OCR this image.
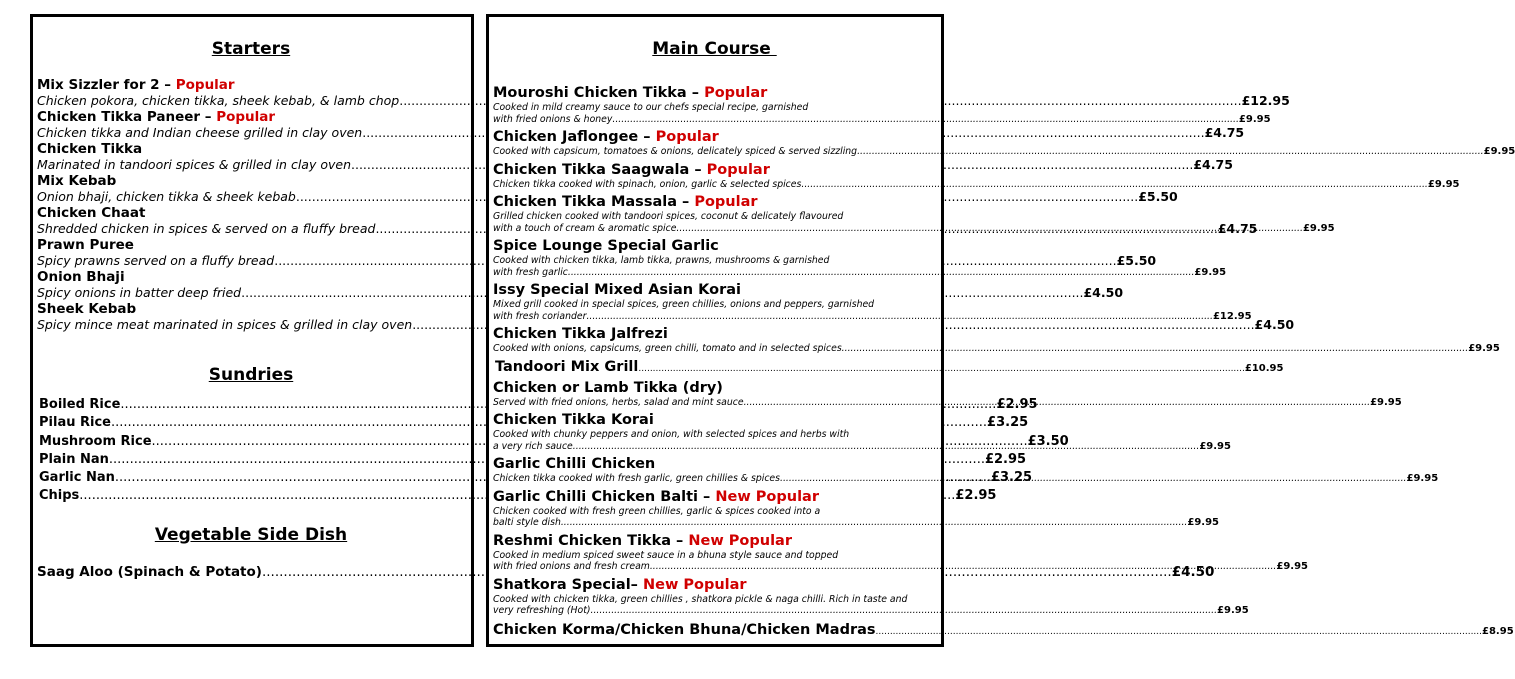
Starters
Mix Sizzler for 2 – Popular
Chicken pokora, chicken tikka, sheek kebab, & lamb chop .....	£12.95
Chicken Tikka Paneer – Popular
Chicken tikka and Indian cheese grilled in clay oven .....	£4.75
Chicken Tikka
Marinated in tandoori spices & grilled in clay oven .....	£4.75
Mix Kebab
Onion bhaji, chicken tikka & sheek kebab .....	£5.50
Chicken Chaat
Shredded chicken in spices & served on a fluffy bread .....	£4.75
Prawn Puree
Spicy prawns served on a fluffy bread .....	£5.50
Onion Bhaji
Spicy onions in batter deep fried .....	£4.50
Sheek Kebab
Spicy mince meat marinated in spices & grilled in clay oven .....	£4.50
Sundries
Boiled Rice .....	£2.95
Pilau Rice .....	£3.25
Mushroom Rice .....	£3.50
Plain Nan .....	£2.95
Garlic Nan .....	£3.25
Chips .....	£2.95
Vegetable Side Dish
Saag Aloo (Spinach & Potato) .....	£4.50
Main Course
Mouroshi Chicken Tikka – Popular
Cooked in mild creamy sauce to our chefs special recipe, garnished
with fried onions & honey .....	£9.95
Chicken Jaflongee – Popular
Cooked with capsicum, tomatoes & onions, delicately spiced & served sizzling .....	£9.95
Chicken Tikka Saagwala – Popular
Chicken tikka cooked with spinach, onion, garlic & selected spices .....	£9.95
Chicken Tikka Massala – Popular
Grilled chicken cooked with tandoori spices, coconut & delicately flavoured
with a touch of cream & aromatic spice .....	£9.95
Spice Lounge Special Garlic
Cooked with chicken tikka, lamb tikka, prawns, mushrooms & garnished
with fresh garlic .....	£9.95
Issy Special Mixed Asian Korai
Mixed grill cooked in special spices, green chillies, onions and peppers, garnished
with fresh coriander .....	£12.95
Chicken Tikka Jalfrezi
Cooked with onions, capsicums, green chilli, tomato and in selected spices .....	£9.95
Tandoori Mix Grill .....	£10.95
Chicken or Lamb Tikka (dry)
Served with fried onions, herbs, salad and mint sauce .....	£9.95
Chicken Tikka Korai
Cooked with chunky peppers and onion, with selected spices and herbs with
a very rich sauce .....	£9.95
Garlic Chilli Chicken
Chicken tikka cooked with fresh garlic, green chillies & spices .....	£9.95
Garlic Chilli Chicken Balti – New Popular
Chicken cooked with fresh green chillies, garlic & spices cooked into a
balti style dish .....	£9.95
Reshmi Chicken Tikka – New Popular
Cooked in medium spiced sweet sauce in a bhuna style sauce and topped
with fried onions and fresh cream .....	£9.95
Shatkora Special– New Popular
Cooked with chicken tikka, green chillies , shatkora pickle & naga chilli. Rich in taste and
very refreshing (Hot) .....	£9.95
Chicken Korma/Chicken Bhuna/Chicken Madras .....	£8.95
